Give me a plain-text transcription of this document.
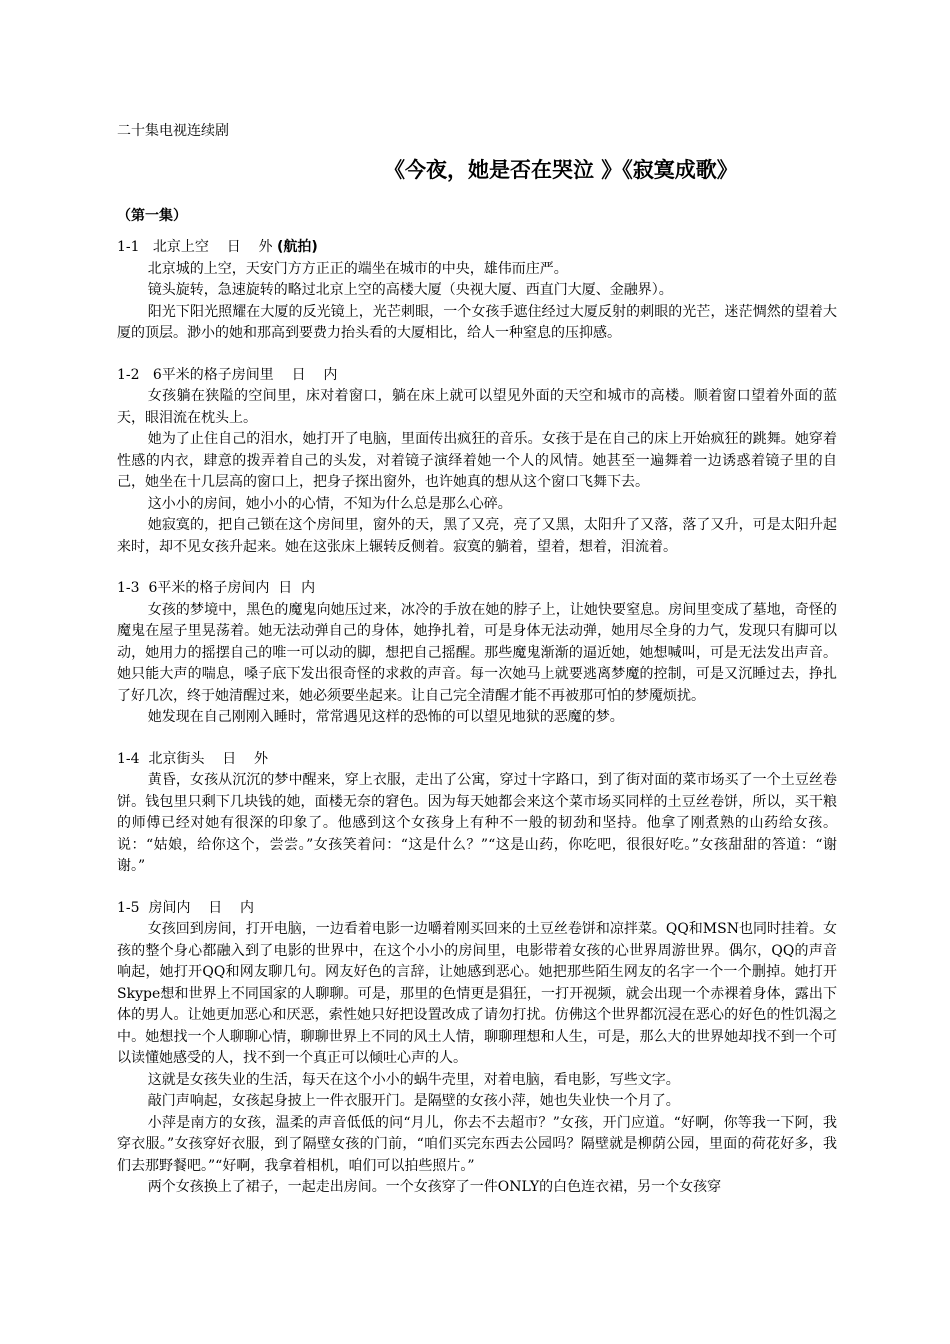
二十集电视连续剧
《今夜，她是否在哭泣 》《寂寞成歌》
（第一集）
1-1   北京上空    日    外 (航拍)
北京城的上空，天安门方方正正的端坐在城市的中央，雄伟而庄严。
镜头旋转，急速旋转的略过北京上空的高楼大厦（央视大厦、西直门大厦、金融界）。
阳光下阳光照耀在大厦的反光镜上，光芒刺眼，一个女孩手遮住经过大厦反射的刺眼的光芒，迷茫惆然的望着大厦的顶层。渺小的她和那高到要费力抬头看的大厦相比，给人一种窒息的压抑感。
1-2   6平米的格子房间里    日    内
女孩躺在狭隘的空间里，床对着窗口，躺在床上就可以望见外面的天空和城市的高楼。顺着窗口望着外面的蓝天，眼泪流在枕头上。
她为了止住自己的泪水，她打开了电脑，里面传出疯狂的音乐。女孩于是在自己的床上开始疯狂的跳舞。她穿着性感的内衣，肆意的拨弄着自己的头发，对着镜子演绎着她一个人的风情。她甚至一遍舞着一边诱惑着镜子里的自己，她坐在十几层高的窗口上，把身子探出窗外，也许她真的想从这个窗口飞舞下去。
这小小的房间，她小小的心情，不知为什么总是那么心碎。
她寂寞的，把自己锁在这个房间里，窗外的天，黑了又亮，亮了又黑，太阳升了又落，落了又升，可是太阳升起来时，却不见女孩升起来。她在这张床上辗转反侧着。寂寞的躺着，望着，想着，泪流着。
1-3  6平米的格子房间内  日  内
女孩的梦境中，黑色的魔鬼向她压过来，冰冷的手放在她的脖子上，让她快要窒息。房间里变成了墓地，奇怪的魔鬼在屋子里晃荡着。她无法动弹自己的身体，她挣扎着，可是身体无法动弹，她用尽全身的力气，发现只有脚可以动，她用力的摇摆自己的唯一可以动的脚，想把自己摇醒。那些魔鬼渐渐的逼近她，她想喊叫，可是无法发出声音。她只能大声的喘息，嗓子底下发出很奇怪的求救的声音。每一次她马上就要逃离梦魔的控制，可是又沉睡过去，挣扎了好几次，终于她清醒过来，她必须要坐起来。让自己完全清醒才能不再被那可怕的梦魇烦扰。
她发现在自己刚刚入睡时，常常遇见这样的恐怖的可以望见地狱的恶魔的梦。
1-4  北京街头    日    外
黄昏，女孩从沉沉的梦中醒来，穿上衣服，走出了公寓，穿过十字路口，到了街对面的菜市场买了一个土豆丝卷饼。钱包里只剩下几块钱的她，面楼无奈的窘色。因为每天她都会来这个菜市场买同样的土豆丝卷饼，所以，买干粮的师傅已经对她有很深的印象了。他感到这个女孩身上有种不一般的韧劲和坚持。他拿了刚煮熟的山药给女孩。说：“姑娘，给你这个，尝尝。”女孩笑着问：“这是什么？”“这是山药，你吃吧，很很好吃。”女孩甜甜的答道：“谢谢。”
1-5  房间内    日    内
女孩回到房间，打开电脑，一边看着电影一边嚼着刚买回来的土豆丝卷饼和凉拌菜。QQ和MSN也同时挂着。女孩的整个身心都融入到了电影的世界中，在这个小小的房间里，电影带着女孩的心世界周游世界。偶尔，QQ的声音响起，她打开QQ和网友聊几句。网友好色的言辞，让她感到恶心。她把那些陌生网友的名字一个一个删掉。她打开Skype想和世界上不同国家的人聊聊。可是，那里的色情更是猖狂，一打开视频，就会出现一个赤裸着身体，露出下体的男人。让她更加恶心和厌恶，索性她只好把设置改成了请勿打扰。仿佛这个世界都沉浸在恶心的好色的性饥渴之中。她想找一个人聊聊心情，聊聊世界上不同的风土人情，聊聊理想和人生，可是，那么大的世界她却找不到一个可以读懂她感受的人，找不到一个真正可以倾吐心声的人。
这就是女孩失业的生活，每天在这个小小的蜗牛壳里，对着电脑，看电影，写些文字。
敲门声响起，女孩起身披上一件衣服开门。是隔壁的女孩小萍，她也失业快一个月了。
小萍是南方的女孩，温柔的声音低低的问“月儿，你去不去超市？”女孩，开门应道。“好啊，你等我一下阿，我穿衣服。”女孩穿好衣服，到了隔壁女孩的门前，“咱们买完东西去公园吗？隔壁就是柳荫公园，里面的荷花好多，我们去那野餐吧。”“好啊，我拿着相机，咱们可以拍些照片。”
两个女孩换上了裙子，一起走出房间。一个女孩穿了一件ONLY的白色连衣裙，另一个女孩穿
